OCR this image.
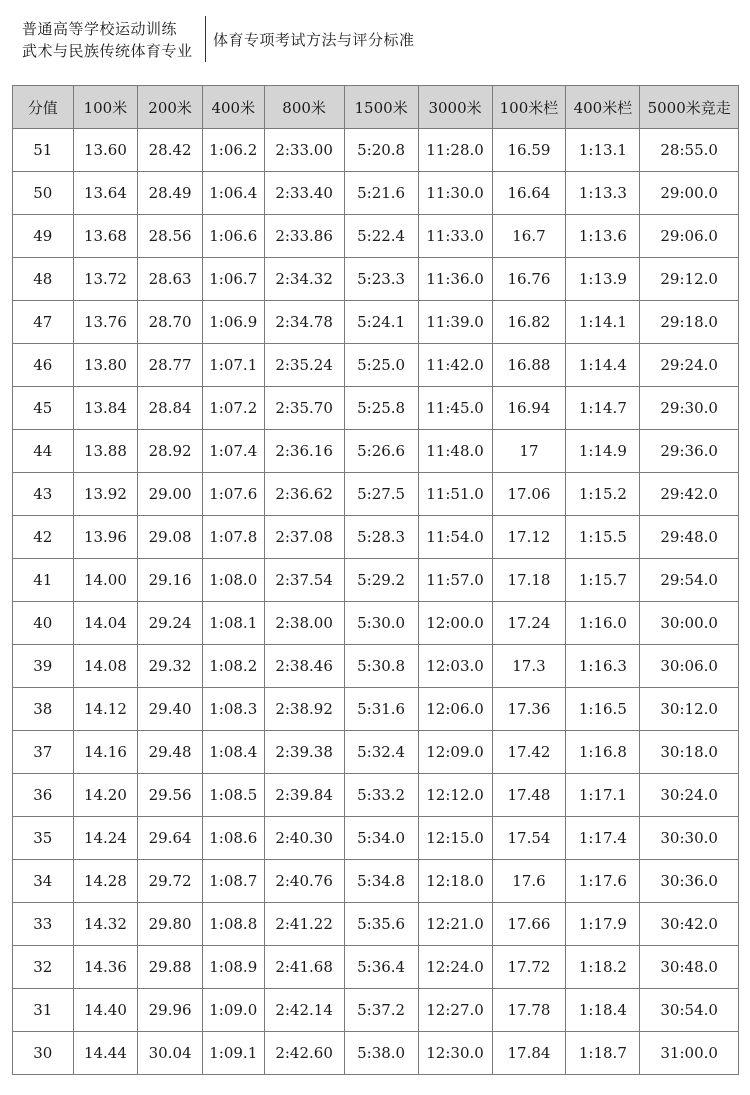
普通高等学校运动训练
武术与民族传统体育专业
体育专项考试方法与评分标准
分值	100米	200米	400米	800米	1500米	3000米	100米栏	400米栏	5000米竞走
51	13.60	28.42	1:06.2	2:33.00	5:20.8	11:28.0	16.59	1:13.1	28:55.0
50	13.64	28.49	1:06.4	2:33.40	5:21.6	11:30.0	16.64	1:13.3	29:00.0
49	13.68	28.56	1:06.6	2:33.86	5:22.4	11:33.0	16.7	1:13.6	29:06.0
48	13.72	28.63	1:06.7	2:34.32	5:23.3	11:36.0	16.76	1:13.9	29:12.0
47	13.76	28.70	1:06.9	2:34.78	5:24.1	11:39.0	16.82	1:14.1	29:18.0
46	13.80	28.77	1:07.1	2:35.24	5:25.0	11:42.0	16.88	1:14.4	29:24.0
45	13.84	28.84	1:07.2	2:35.70	5:25.8	11:45.0	16.94	1:14.7	29:30.0
44	13.88	28.92	1:07.4	2:36.16	5:26.6	11:48.0	17	1:14.9	29:36.0
43	13.92	29.00	1:07.6	2:36.62	5:27.5	11:51.0	17.06	1:15.2	29:42.0
42	13.96	29.08	1:07.8	2:37.08	5:28.3	11:54.0	17.12	1:15.5	29:48.0
41	14.00	29.16	1:08.0	2:37.54	5:29.2	11:57.0	17.18	1:15.7	29:54.0
40	14.04	29.24	1:08.1	2:38.00	5:30.0	12:00.0	17.24	1:16.0	30:00.0
39	14.08	29.32	1:08.2	2:38.46	5:30.8	12:03.0	17.3	1:16.3	30:06.0
38	14.12	29.40	1:08.3	2:38.92	5:31.6	12:06.0	17.36	1:16.5	30:12.0
37	14.16	29.48	1:08.4	2:39.38	5:32.4	12:09.0	17.42	1:16.8	30:18.0
36	14.20	29.56	1:08.5	2:39.84	5:33.2	12:12.0	17.48	1:17.1	30:24.0
35	14.24	29.64	1:08.6	2:40.30	5:34.0	12:15.0	17.54	1:17.4	30:30.0
34	14.28	29.72	1:08.7	2:40.76	5:34.8	12:18.0	17.6	1:17.6	30:36.0
33	14.32	29.80	1:08.8	2:41.22	5:35.6	12:21.0	17.66	1:17.9	30:42.0
32	14.36	29.88	1:08.9	2:41.68	5:36.4	12:24.0	17.72	1:18.2	30:48.0
31	14.40	29.96	1:09.0	2:42.14	5:37.2	12:27.0	17.78	1:18.4	30:54.0
30	14.44	30.04	1:09.1	2:42.60	5:38.0	12:30.0	17.84	1:18.7	31:00.0
